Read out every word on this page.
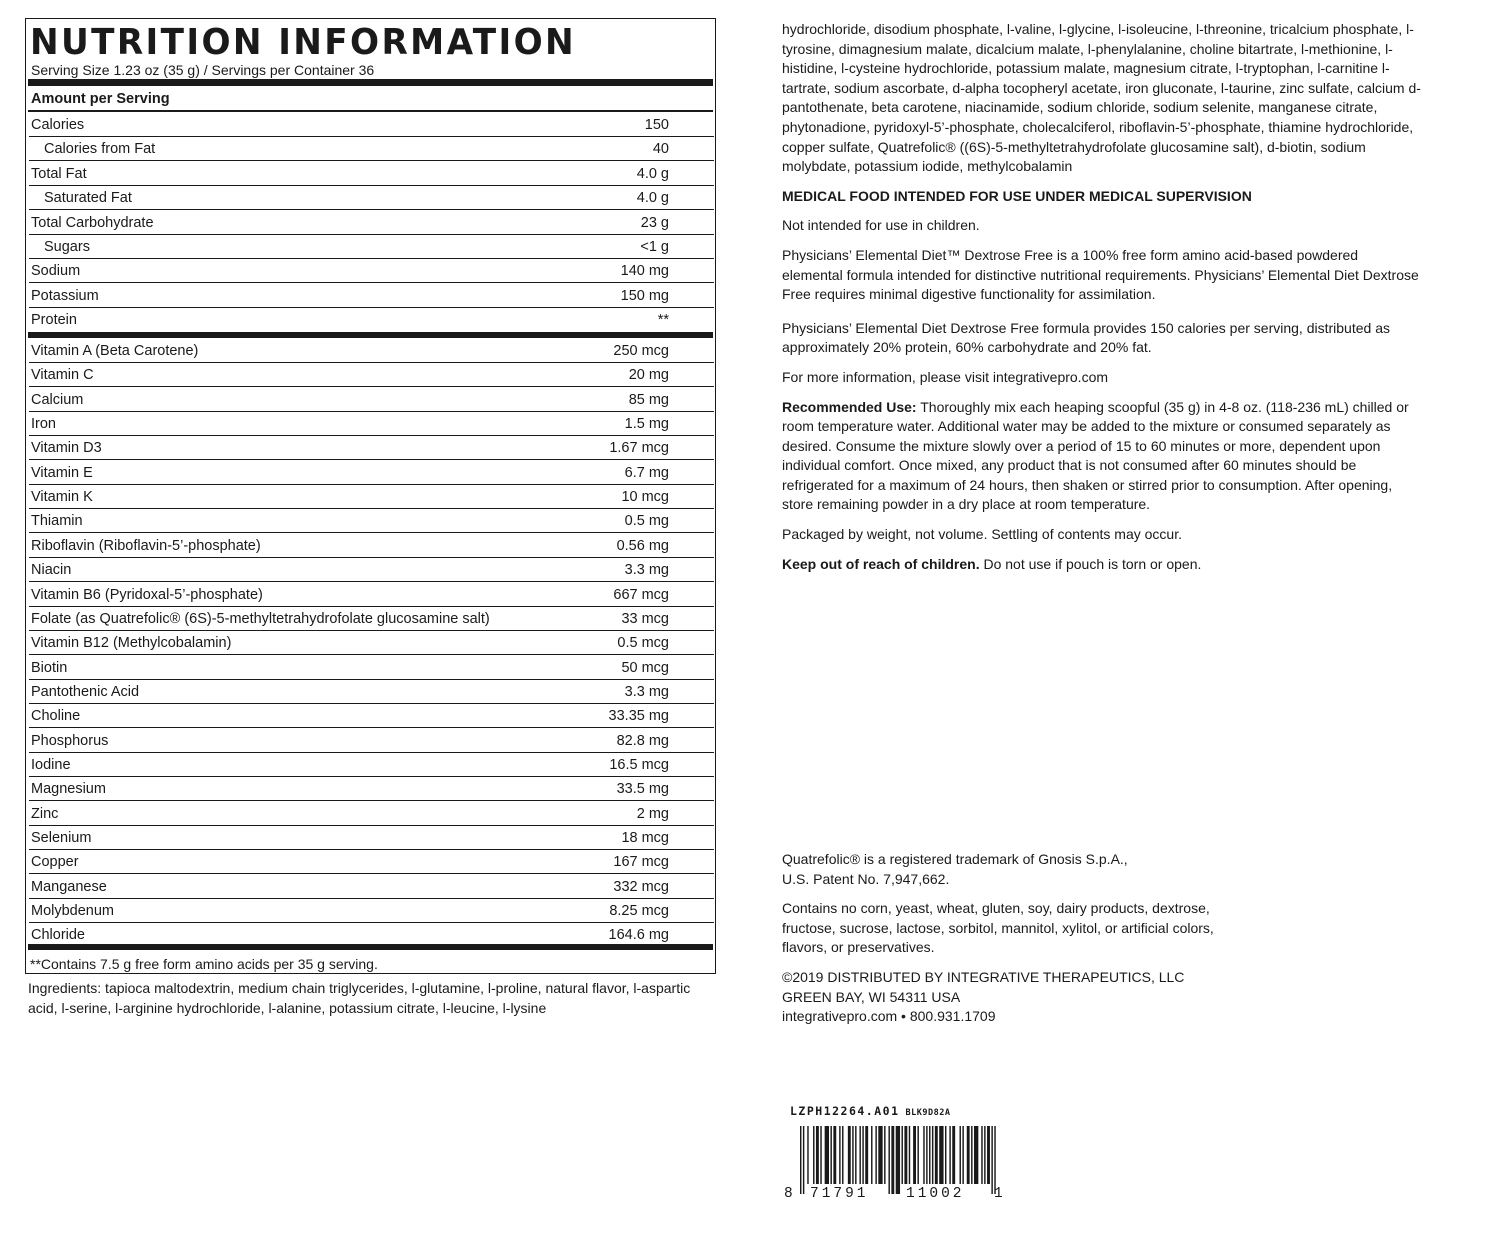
NUTRITION INFORMATION
Serving Size 1.23 oz (35 g) / Servings per Container 36
Amount per Serving
Calories	150
Calories from Fat	40
Total Fat	4.0 g
Saturated Fat	4.0 g
Total Carbohydrate	23 g
Sugars	<1 g
Sodium	140 mg
Potassium	150 mg
Protein	**
Vitamin A (Beta Carotene)	250 mcg
Vitamin C	20 mg
Calcium	85 mg
Iron	1.5 mg
Vitamin D3	1.67 mcg
Vitamin E	6.7 mg
Vitamin K	10 mcg
Thiamin	0.5 mg
Riboflavin (Riboflavin-5’-phosphate)	0.56 mg
Niacin	3.3 mg
Vitamin B6 (Pyridoxal-5’-phosphate)	667 mcg
Folate (as Quatrefolic® (6S)-5-methyltetrahydrofolate glucosamine salt)	33 mcg
Vitamin B12 (Methylcobalamin)	0.5 mcg
Biotin	50 mcg
Pantothenic Acid	3.3 mg
Choline	33.35 mg
Phosphorus	82.8 mg
Iodine	16.5 mcg
Magnesium	33.5 mg
Zinc	2 mg
Selenium	18 mcg
Copper	167 mcg
Manganese	332 mcg
Molybdenum	8.25 mcg
Chloride	164.6 mg
**Contains 7.5 g free form amino acids per 35 g serving.
Ingredients: tapioca maltodextrin, medium chain triglycerides, l-glutamine, l-proline, natural flavor, l-aspartic acid, l-serine, l-arginine hydrochloride, l-alanine, potassium citrate, l-leucine, l-lysine

hydrochloride, disodium phosphate, l-valine, l-glycine, l-isoleucine, l-threonine, tricalcium phosphate, l-tyrosine, dimagnesium malate, dicalcium malate, l-phenylalanine, choline bitartrate, l-methionine, l-histidine, l-cysteine hydrochloride, potassium malate, magnesium citrate, l-tryptophan, l-carnitine l-tartrate, sodium ascorbate, d-alpha tocopheryl acetate, iron gluconate, l-taurine, zinc sulfate, calcium d-pantothenate, beta carotene, niacinamide, sodium chloride, sodium selenite, manganese citrate, phytonadione, pyridoxyl-5’-phosphate, cholecalciferol, riboflavin-5’-phosphate, thiamine hydrochloride, copper sulfate, Quatrefolic® ((6S)-5-methyltetrahydrofolate glucosamine salt), d-biotin, sodium molybdate, potassium iodide, methylcobalamin

MEDICAL FOOD INTENDED FOR USE UNDER MEDICAL SUPERVISION

Not intended for use in children.

Physicians’ Elemental Diet™ Dextrose Free is a 100% free form amino acid-based powdered elemental formula intended for distinctive nutritional requirements. Physicians’ Elemental Diet Dextrose Free requires minimal digestive functionality for assimilation.

Physicians’ Elemental Diet Dextrose Free formula provides 150 calories per serving, distributed as approximately 20% protein, 60% carbohydrate and 20% fat.

For more information, please visit integrativepro.com

Recommended Use: Thoroughly mix each heaping scoopful (35 g) in 4-8 oz. (118-236 mL) chilled or room temperature water. Additional water may be added to the mixture or consumed separately as desired. Consume the mixture slowly over a period of 15 to 60 minutes or more, dependent upon individual comfort. Once mixed, any product that is not consumed after 60 minutes should be refrigerated for a maximum of 24 hours, then shaken or stirred prior to consumption. After opening, store remaining powder in a dry place at room temperature.

Packaged by weight, not volume. Settling of contents may occur.

Keep out of reach of children. Do not use if pouch is torn or open.

Quatrefolic® is a registered trademark of Gnosis S.p.A.,

U.S. Patent No. 7,947,662.

Contains no corn, yeast, wheat, gluten, soy, dairy products, dextrose, fructose, sucrose, lactose, sorbitol, mannitol, xylitol, or artificial colors, flavors, or preservatives.

©2019 DISTRIBUTED BY INTEGRATIVE THERAPEUTICS, LLC

GREEN BAY, WI 54311 USA

integrativepro.com • 800.931.1709

LZPH12264.A01 BLK9D82A
8 71791	11002 1
